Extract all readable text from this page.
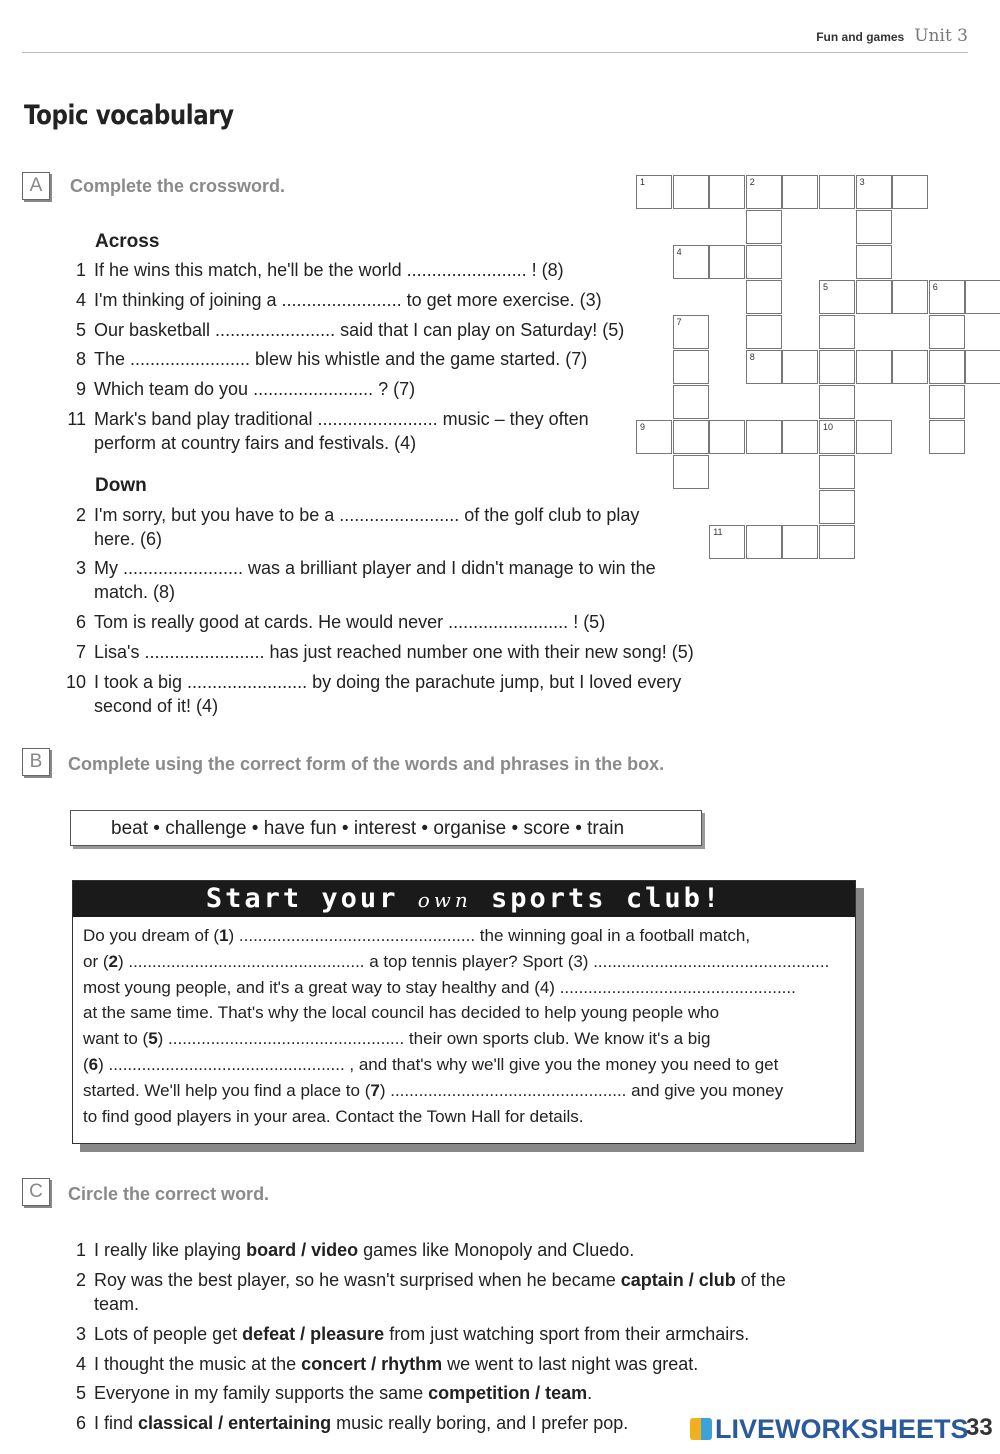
Fun and games Unit 3
Topic vocabulary
A	Complete the crossword.
Across
1 If he wins this match, he'll be the world ........................ ! (8)
4 I'm thinking of joining a ........................ to get more exercise. (3)
5 Our basketball ........................ said that I can play on Saturday! (5)
8 The ........................ blew his whistle and the game started. (7)
9 Which team do you ........................ ? (7)
11 Mark's band play traditional ........................ music – they often
perform at country fairs and festivals. (4)
Down
2 I'm sorry, but you have to be a ........................ of the golf club to play
here. (6)
3 My ........................ was a brilliant player and I didn't manage to win the
match. (8)
6 Tom is really good at cards. He would never ........................ ! (5)
7 Lisa's ........................ has just reached number one with their new song! (5)
10 I took a big ........................ by doing the parachute jump, but I loved every
second of it! (4)
1	2	3
4
5	6
7
8
9	10
11
B	Complete using the correct form of the words and phrases in the box.
beat • challenge • have fun • interest • organise • score • train
Start your own sports club!
Do you dream of (1) .................................................. the winning goal in a football match,
or (2) .................................................. a top tennis player? Sport (3) ..................................................
most young people, and it's a great way to stay healthy and (4) ..................................................
at the same time. That's why the local council has decided to help young people who
want to (5) .................................................. their own sports club. We know it's a big
(6) .................................................. , and that's why we'll give you the money you need to get
started. We'll help you find a place to (7) .................................................. and give you money
to find good players in your area. Contact the Town Hall for details.
C	Circle the correct word.
1 I really like playing board / video games like Monopoly and Cluedo.
2 Roy was the best player, so he wasn't surprised when he became captain / club of the
team.
3 Lots of people get defeat / pleasure from just watching sport from their armchairs.
4 I thought the music at the concert / rhythm we went to last night was great.
5 Everyone in my family supports the same competition / team.
6 I find classical / entertaining music really boring, and I prefer pop.	LIVEWORKSHEETS
33
